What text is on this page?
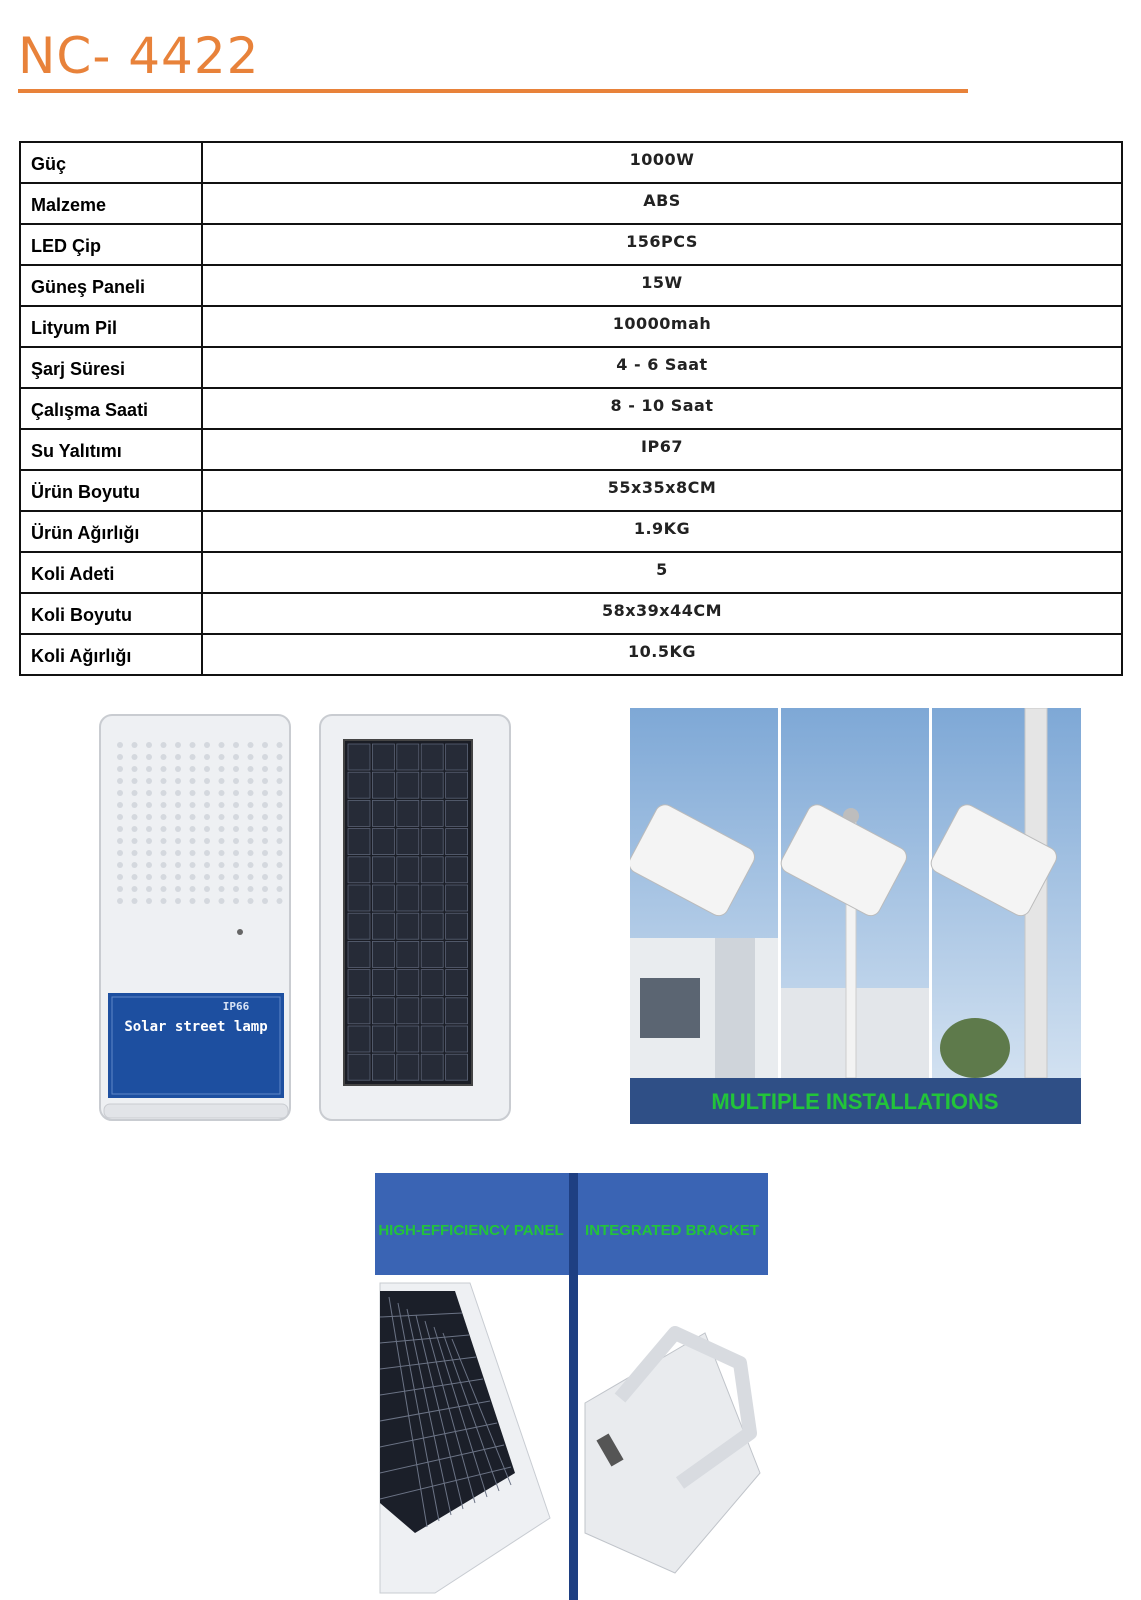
NC- 4422
Güç	1000W
Malzeme	ABS
LED Çip	156PCS
Güneş Paneli	15W
Lityum Pil	10000mah
Şarj Süresi	4 - 6 Saat
Çalışma Saati	8 - 10 Saat
Su Yalıtımı	IP67
Ürün Boyutu	55x35x8CM
Ürün Ağırlığı	1.9KG
Koli Adeti	5
Koli Boyutu	58x39x44CM
Koli Ağırlığı	10.5KG
IP66
Solar street lamp
MULTIPLE INSTALLATIONS
HIGH-EFFICIENCY PANEL INTEGRATED BRACKET
